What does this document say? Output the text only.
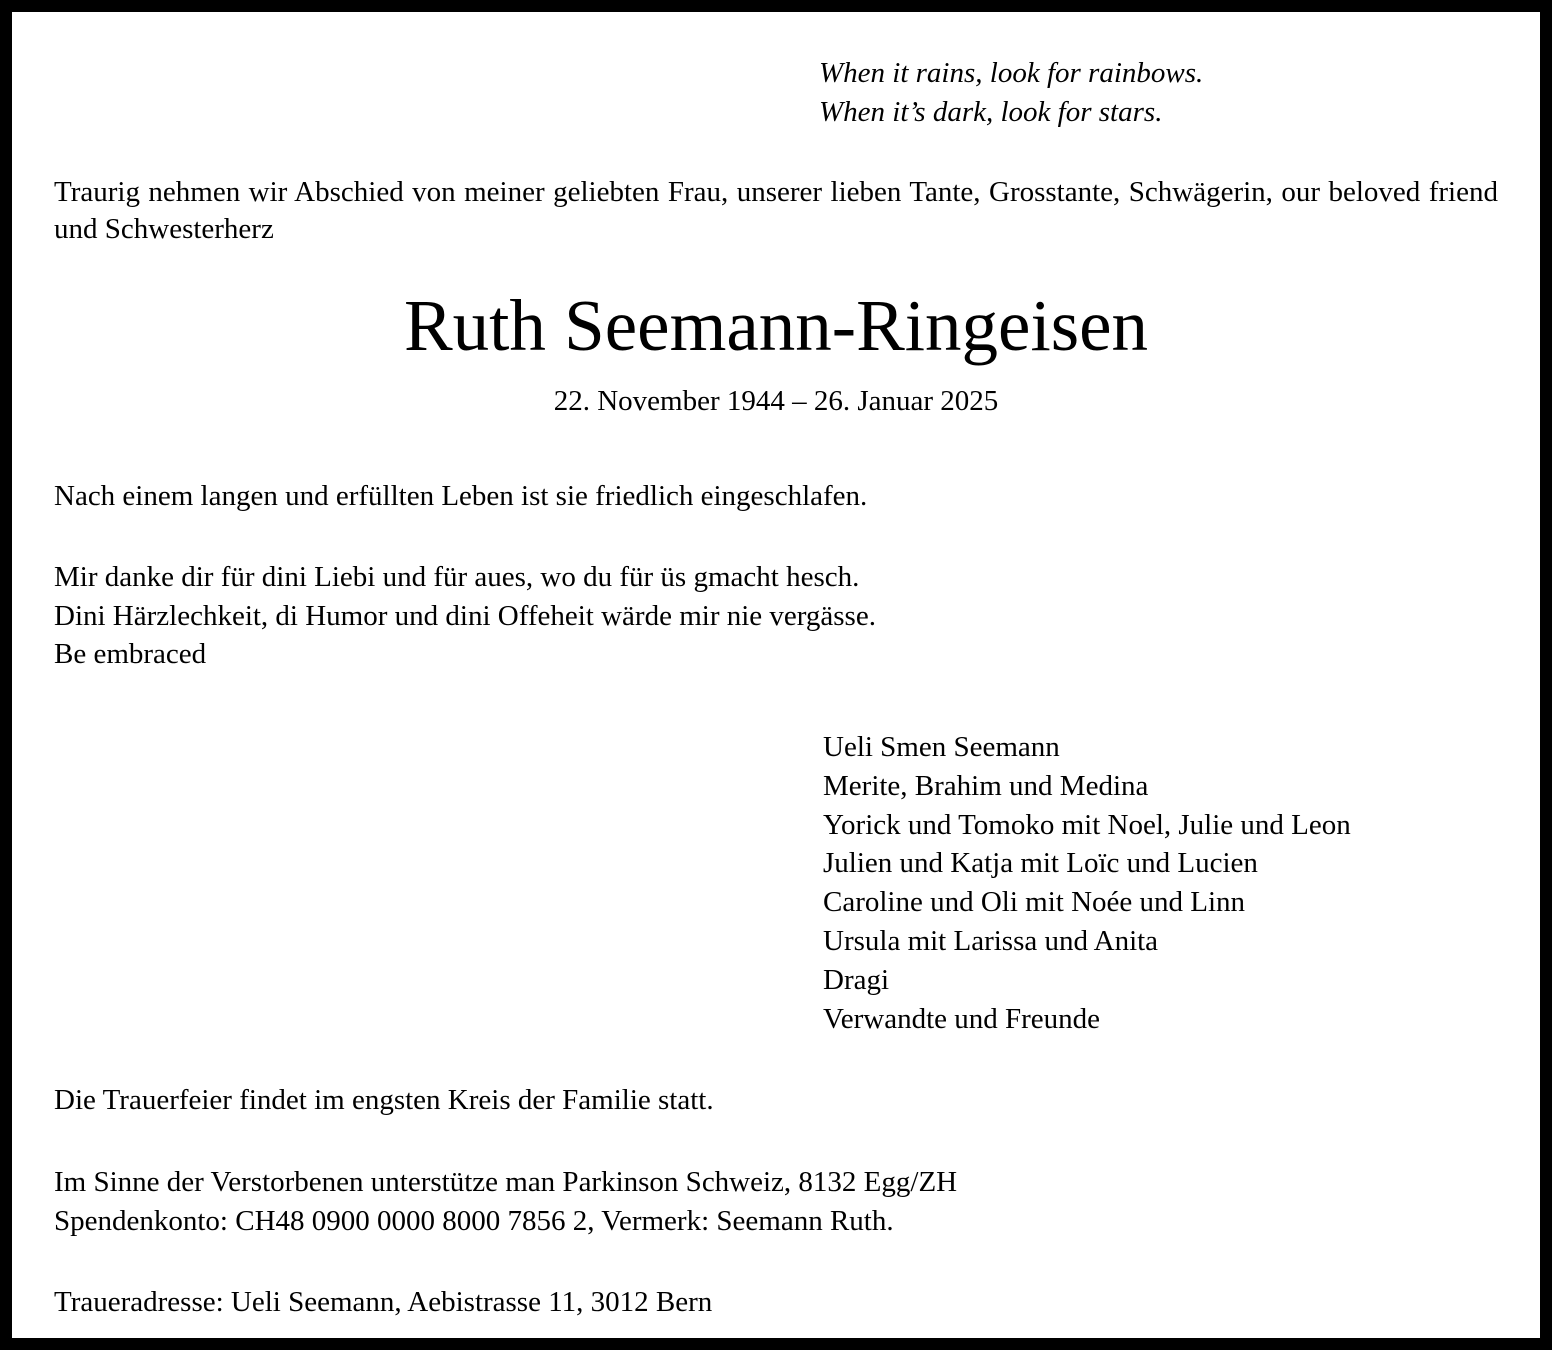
When it rains, look for rainbows.
When it’s dark, look for stars.
Traurig nehmen wir Abschied von meiner geliebten Frau, unserer lieben Tante, Grosstante, Schwägerin, our beloved friend und Schwesterherz
Ruth Seemann-Ringeisen
22. November 1944 – 26. Januar 2025
Nach einem langen und erfüllten Leben ist sie friedlich eingeschlafen.
Mir danke dir für dini Liebi und für aues, wo du für üs gmacht hesch.
Dini Härzlechkeit, di Humor und dini Offeheit wärde mir nie vergässe.
Be embraced
Ueli Smen Seemann
Merite, Brahim und Medina
Yorick und Tomoko mit Noel, Julie und Leon
Julien und Katja mit Loïc und Lucien
Caroline und Oli mit Noée und Linn
Ursula mit Larissa und Anita
Dragi
Verwandte und Freunde
Die Trauerfeier findet im engsten Kreis der Familie statt.
Im Sinne der Verstorbenen unterstütze man Parkinson Schweiz, 8132 Egg/ZH
Spendenkonto: CH48 0900 0000 8000 7856 2, Vermerk: Seemann Ruth.
Traueradresse: Ueli Seemann, Aebistrasse 11, 3012 Bern
